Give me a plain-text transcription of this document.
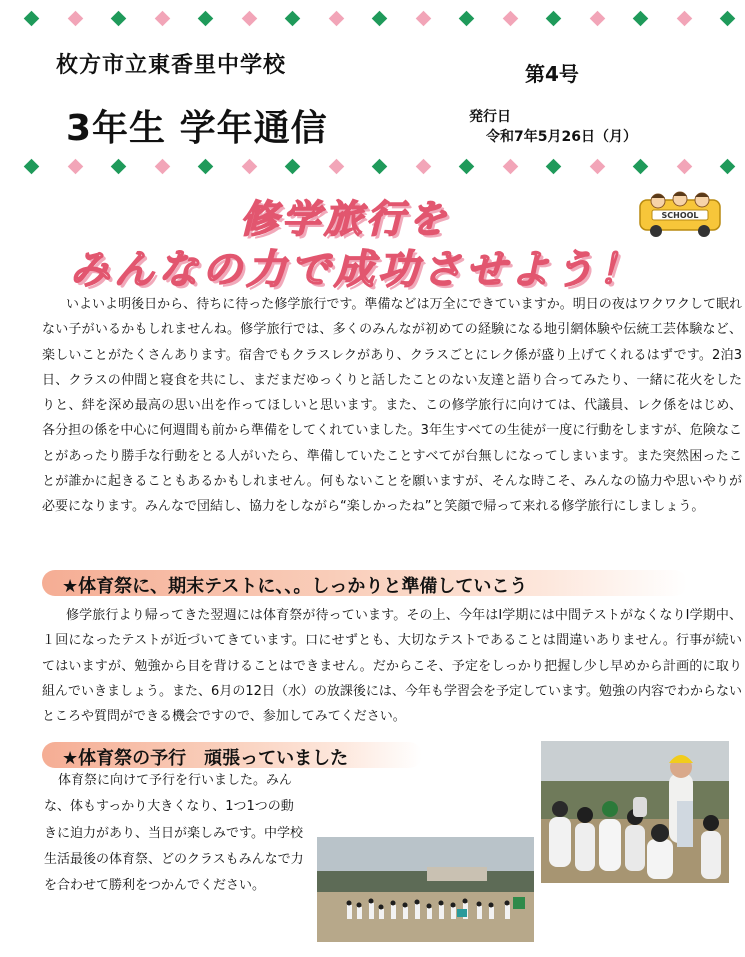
枚方市立東香里中学校	第4号
3年生 学年通信	発行日
令和7年5月26日（月）
修学旅行を
みんなの力で成功させよう！
SCHOOL
いよいよ明後日から、待ちに待った修学旅行です。準備などは万全にできていますか。明日の夜はワクワクして眠れない子がいるかもしれませんね。修学旅行では、多くのみんなが初めての経験になる地引網体験や伝統工芸体験など、楽しいことがたくさんあります。宿舎でもクラスレクがあり、クラスごとにレク係が盛り上げてくれるはずです。2泊3日、クラスの仲間と寝食を共にし、まだまだゆっくりと話したことのない友達と語り合ってみたり、一緒に花火をしたりと、絆を深め最高の思い出を作ってほしいと思います。また、この修学旅行に向けては、代議員、レク係をはじめ、各分担の係を中心に何週間も前から準備をしてくれていました。3年生すべての生徒が一度に行動をしますが、危険なことがあったり勝手な行動をとる人がいたら、準備していたことすべてが台無しになってしまいます。また突然困ったことが誰かに起きることもあるかもしれません。何もないことを願いますが、そんな時こそ、みんなの協力や思いやりが必要になります。みんなで団結し、協力をしながら“楽しかったね”と笑顔で帰って来れる修学旅行にしましょう。
★体育祭に、期末テストに、、。しっかりと準備していこう
修学旅行より帰ってきた翌週には体育祭が待っています。その上、今年はⅠ学期には中間テストがなくなりⅠ学期中、１回になったテストが近づいてきています。口にせずとも、大切なテストであることは間違いありません。行事が続いてはいますが、勉強から目を背けることはできません。だからこそ、予定をしっかり把握し少し早めから計画的に取り組んでいきましょう。また、6月の12日（水）の放課後には、今年も学習会を予定しています。勉強の内容でわからないところや質問ができる機会ですので、参加してみてください。
★体育祭の予行　頑張っていました
体育祭に向けて予行を行いました。みんな、体もすっかり大きくなり、1つ1つの動きに迫力があり、当日が楽しみです。中学校生活最後の体育祭、どのクラスもみんなで力を合わせて勝利をつかんでください。
